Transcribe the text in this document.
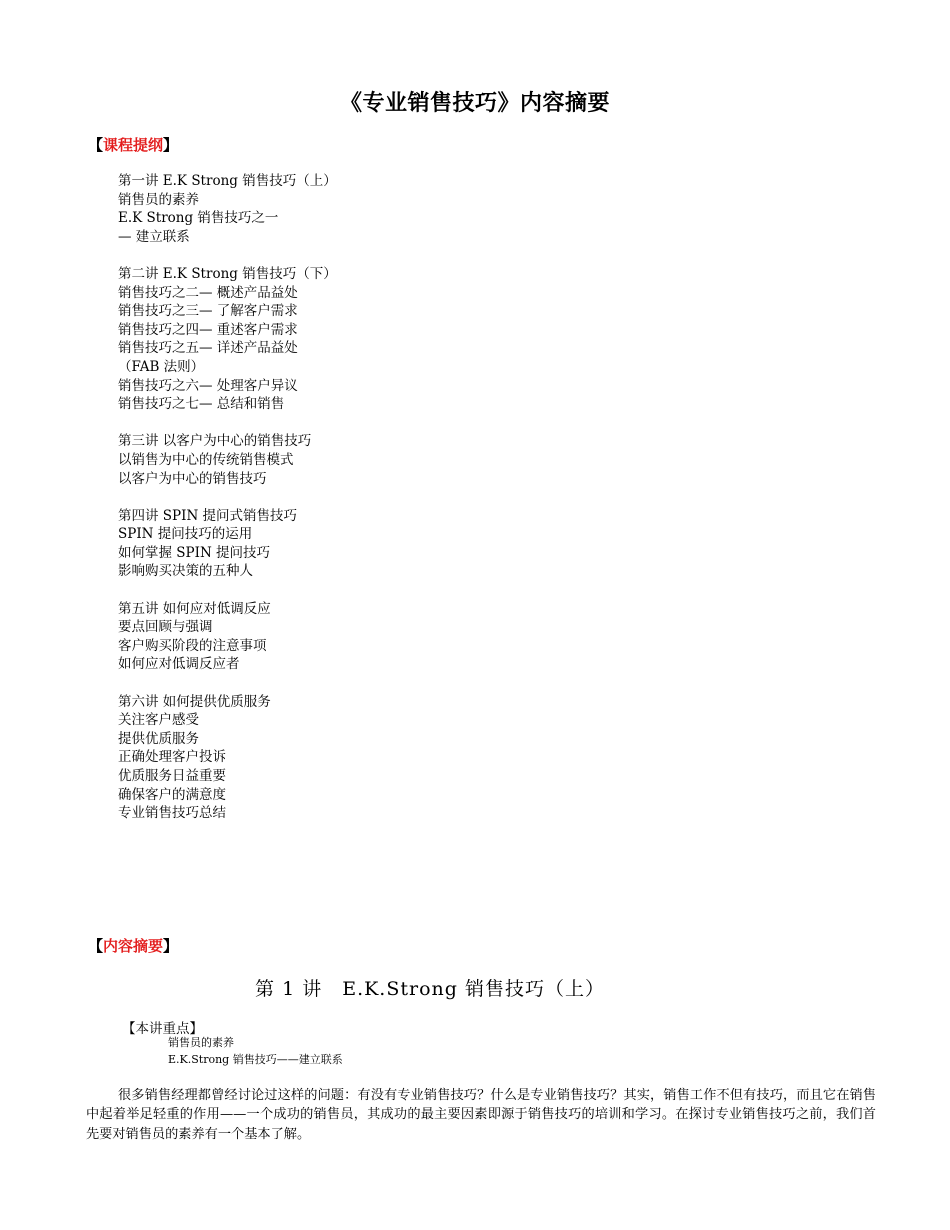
《专业销售技巧》内容摘要
【课程提纲】
第一讲 E.K Strong 销售技巧（上）
销售员的素养
E.K Strong 销售技巧之一
— 建立联系
第二讲 E.K Strong 销售技巧（下）
销售技巧之二— 概述产品益处
销售技巧之三— 了解客户需求
销售技巧之四— 重述客户需求
销售技巧之五— 详述产品益处
（FAB 法则）
销售技巧之六— 处理客户异议
销售技巧之七— 总结和销售
第三讲 以客户为中心的销售技巧
以销售为中心的传统销售模式
以客户为中心的销售技巧
第四讲 SPIN 提问式销售技巧
SPIN 提问技巧的运用
如何掌握 SPIN 提问技巧
影响购买决策的五种人
第五讲 如何应对低调反应
要点回顾与强调
客户购买阶段的注意事项
如何应对低调反应者
第六讲 如何提供优质服务
关注客户感受
提供优质服务
正确处理客户投诉
优质服务日益重要
确保客户的满意度
专业销售技巧总结
【内容摘要】
第 1 讲　E.K.Strong 销售技巧（上）
【本讲重点】
销售员的素养
E.K.Strong 销售技巧——建立联系
很多销售经理都曾经讨论过这样的问题：有没有专业销售技巧？什么是专业销售技巧？其实，销售工作不但有技巧，而且它在销售中起着举足轻重的作用——一个成功的销售员，其成功的最主要因素即源于销售技巧的培训和学习。在探讨专业销售技巧之前，我们首先要对销售员的素养有一个基本了解。
